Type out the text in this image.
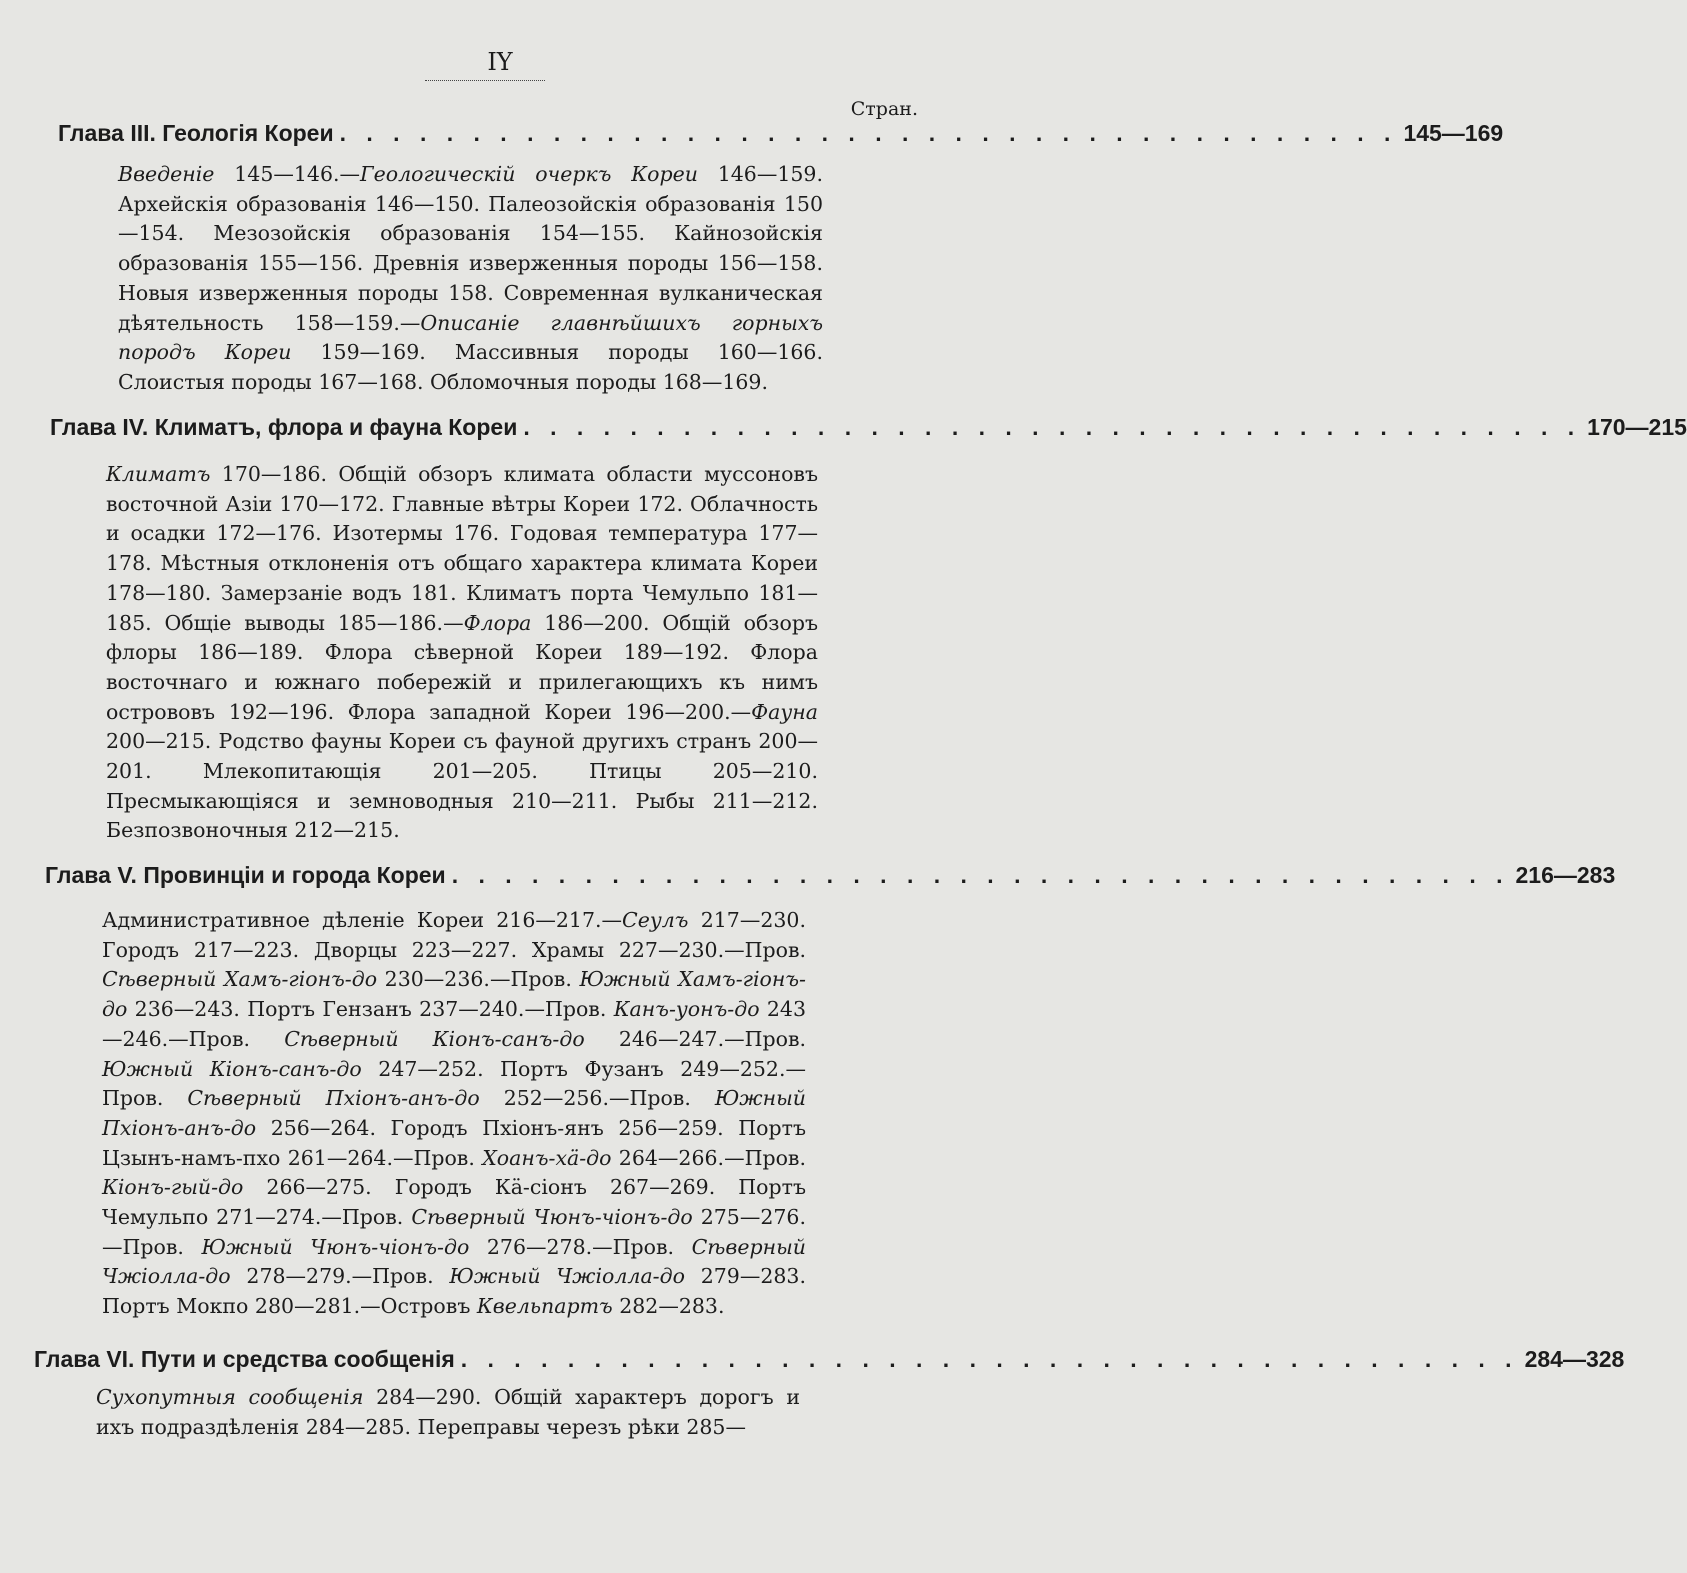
IY
Стран.
Глава III. Геологія Кореи . . . . . . . . . . . . . . . . . . . . . . . . . . . . . . . . . . . . . . . . 145—169
Введеніе 145—146.—Геологическій очеркъ Кореи 146—159. Архейскія образованія 146—150. Палеозойскія образованія 150—154. Мезозойскія образованія 154—155. Кайнозойскія образованія 155—156. Древнія изверженныя породы 156—158. Новыя изверженныя породы 158. Современная вулканическая дѣятельность 158—159.—Описаніе главнѣйшихъ горныхъ породъ Кореи 159—169. Массивныя породы 160—166. Слоистыя породы 167—168. Обломочныя породы 168—169.
Глава IV. Климатъ, флора и фауна Кореи . . . . . . . . . . . . . . . . . . . . . . . . . . . . . . . . . . . . . . . . 170—215
Климатъ 170—186. Общій обзоръ климата области муссоновъ восточной Азіи 170—172. Главные вѣтры Кореи 172. Облачность и осадки 172—176. Изотермы 176. Годовая температура 177—178. Мѣстныя отклоненія отъ общаго характера климата Кореи 178—180. Замерзаніе водъ 181. Климатъ порта Чемульпо 181—185. Общіе выводы 185—186.—Флора 186—200. Общій обзоръ флоры 186—189. Флора сѣверной Кореи 189—192. Флора восточнаго и южнаго побережій и прилегающихъ къ нимъ острововъ 192—196. Флора западной Кореи 196—200.—Фауна 200—215. Родство фауны Кореи съ фауной другихъ странъ 200—201. Млекопитающія 201—205. Птицы 205—210. Пресмыкающіяся и земноводныя 210—211. Рыбы 211—212. Безпозвоночныя 212—215.
Глава V. Провинціи и города Кореи . . . . . . . . . . . . . . . . . . . . . . . . . . . . . . . . . . . . . . . . 216—283
Административное дѣленіе Кореи 216—217.—Сеулъ 217—230. Городъ 217—223. Дворцы 223—227. Храмы 227—230.—Пров. Сѣверный Хамъ-гіонъ-до 230—236.—Пров. Южный Хамъ-гіонъ-до 236—243. Портъ Гензанъ 237—240.—Пров. Канъ-уонъ-до 243—246.—Пров. Сѣверный Кіонъ-санъ-до 246—247.—Пров. Южный Кіонъ-санъ-до 247—252. Портъ Фузанъ 249—252.—Пров. Сѣверный Пхіонъ-анъ-до 252—256.—Пров. Южный Пхіонъ-анъ-до 256—264. Городъ Пхіонъ-янъ 256—259. Портъ Цзынъ-намъ-пхо 261—264.—Пров. Хоанъ-хä-до 264—266.—Пров. Кіонъ-гый-до 266—275. Городъ Кä-сіонъ 267—269. Портъ Чемульпо 271—274.—Пров. Сѣверный Чюнъ-чіонъ-до 275—276.—Пров. Южный Чюнъ-чіонъ-до 276—278.—Пров. Сѣверный Чжіолла-до 278—279.—Пров. Южный Чжіолла-до 279—283. Портъ Мокпо 280—281.—Островъ Квельпартъ 282—283.
Глава VI. Пути и средства сообщенія . . . . . . . . . . . . . . . . . . . . . . . . . . . . . . . . . . . . . . . . 284—328
Сухопутныя сообщенія 284—290. Общій характеръ дорогъ и ихъ подраздѣленія 284—285. Переправы черезъ рѣки 285—
